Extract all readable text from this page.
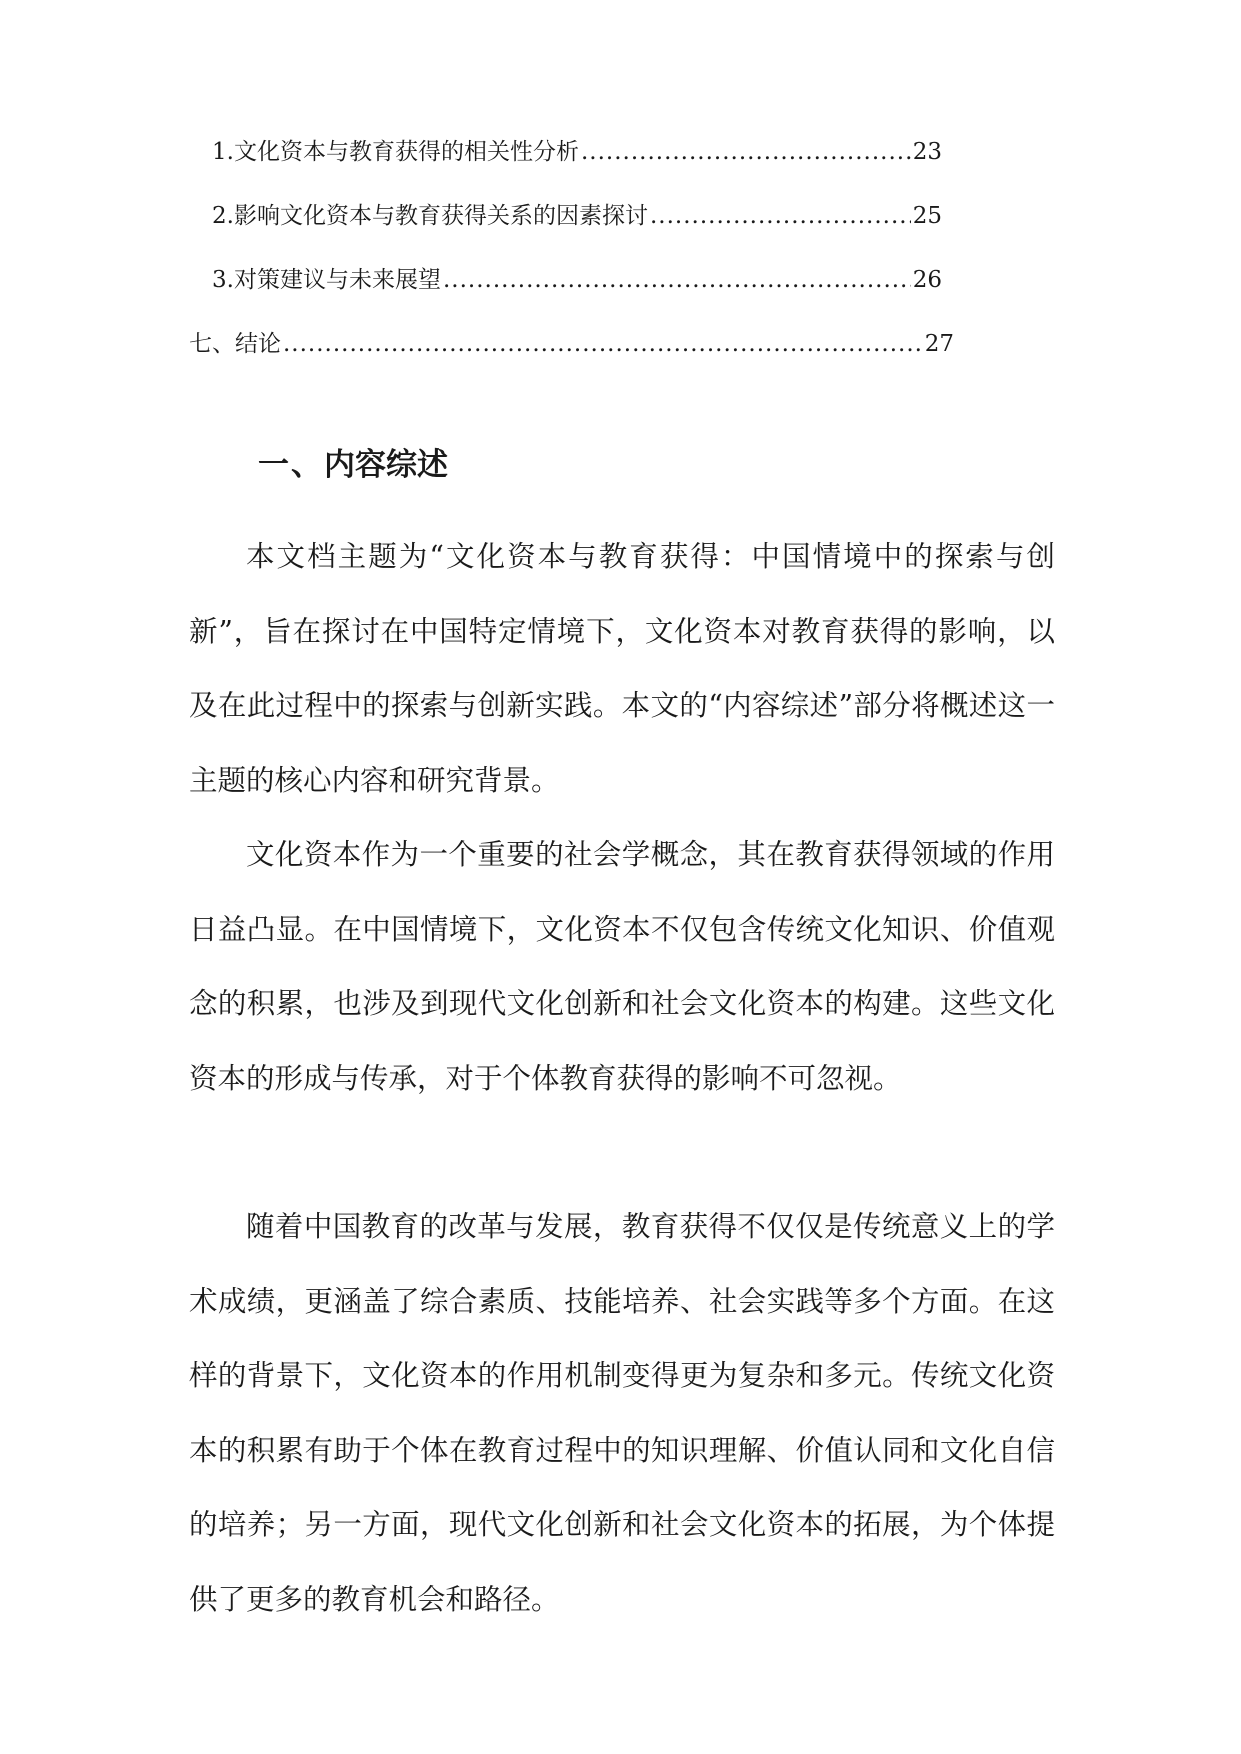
1. 文化资本与教育获得的相关性分析 .....	23
2. 影响文化资本与教育获得关系的因素探讨 .....	25
3. 对策建议与未来展望 .....	26
七、结论 .....	27
一、内容综述

本文档主题为“文化资本与教育获得：中国情境中的探索与创新”，旨在探讨在中国特定情境下，文化资本对教育获得的影响，以及在此过程中的探索与创新实践。本文的“内容综述”部分将概述这一主题的核心内容和研究背景。

文化资本作为一个重要的社会学概念，其在教育获得领域的作用日益凸显。在中国情境下，文化资本不仅包含传统文化知识、价值观念的积累，也涉及到现代文化创新和社会文化资本的构建。这些文化资本的形成与传承，对于个体教育获得的影响不可忽视。

随着中国教育的改革与发展，教育获得不仅仅是传统意义上的学术成绩，更涵盖了综合素质、技能培养、社会实践等多个方面。在这样的背景下，文化资本的作用机制变得更为复杂和多元。传统文化资本的积累有助于个体在教育过程中的知识理解、价值认同和文化自信的培养；另一方面，现代文化创新和社会文化资本的拓展，为个体提供了更多的教育机会和路径。
